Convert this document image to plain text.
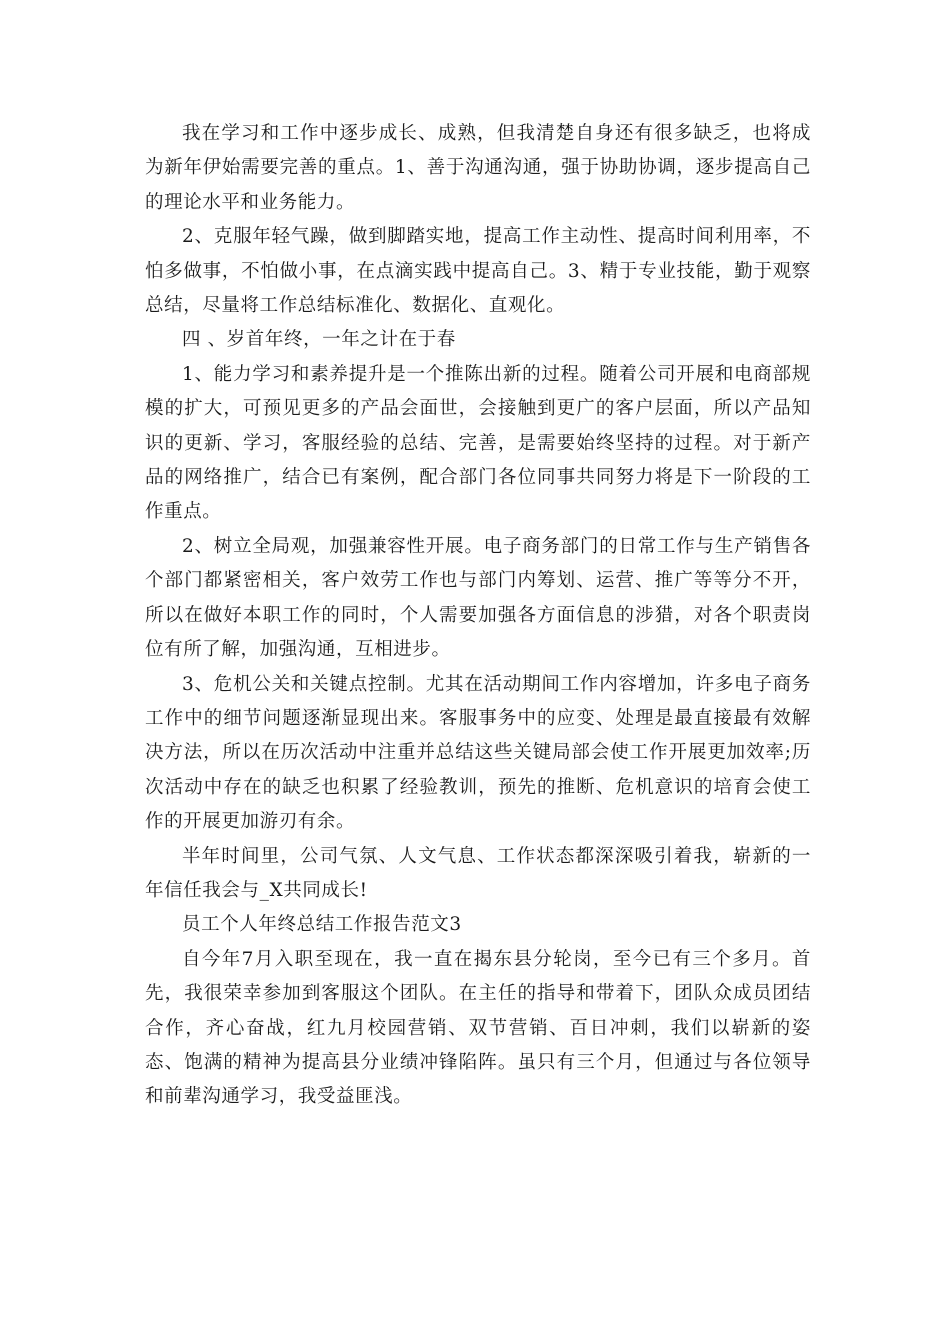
我在学习和工作中逐步成长、成熟，但我清楚自身还有很多缺乏，也将成为新年伊始需要完善的重点。1、善于沟通沟通，强于协助协调，逐步提高自己的理论水平和业务能力。

2、克服年轻气躁，做到脚踏实地，提高工作主动性、提高时间利用率，不怕多做事，不怕做小事，在点滴实践中提高自己。3、精于专业技能，勤于观察总结，尽量将工作总结标准化、数据化、直观化。

四 、岁首年终，一年之计在于春

1、能力学习和素养提升是一个推陈出新的过程。随着公司开展和电商部规模的扩大，可预见更多的产品会面世，会接触到更广的客户层面，所以产品知识的更新、学习，客服经验的总结、完善，是需要始终坚持的过程。对于新产品的网络推广，结合已有案例，配合部门各位同事共同努力将是下一阶段的工作重点。

2、树立全局观，加强兼容性开展。电子商务部门的日常工作与生产销售各个部门都紧密相关，客户效劳工作也与部门内筹划、运营、推广等等分不开，所以在做好本职工作的同时，个人需要加强各方面信息的涉猎，对各个职责岗位有所了解，加强沟通，互相进步。

3、危机公关和关键点控制。尤其在活动期间工作内容增加，许多电子商务工作中的细节问题逐渐显现出来。客服事务中的应变、处理是最直接最有效解决方法，所以在历次活动中注重并总结这些关键局部会使工作开展更加效率;历次活动中存在的缺乏也积累了经验教训，预先的推断、危机意识的培育会使工作的开展更加游刃有余。

半年时间里，公司气氛、人文气息、工作状态都深深吸引着我，崭新的一年信任我会与_X共同成长!

员工个人年终总结工作报告范文3

自今年7月入职至现在，我一直在揭东县分轮岗，至今已有三个多月。首先，我很荣幸参加到客服这个团队。在主任的指导和带着下，团队众成员团结合作，齐心奋战，红九月校园营销、双节营销、百日冲刺，我们以崭新的姿态、饱满的精神为提高县分业绩冲锋陷阵。虽只有三个月，但通过与各位领导和前辈沟通学习，我受益匪浅。
